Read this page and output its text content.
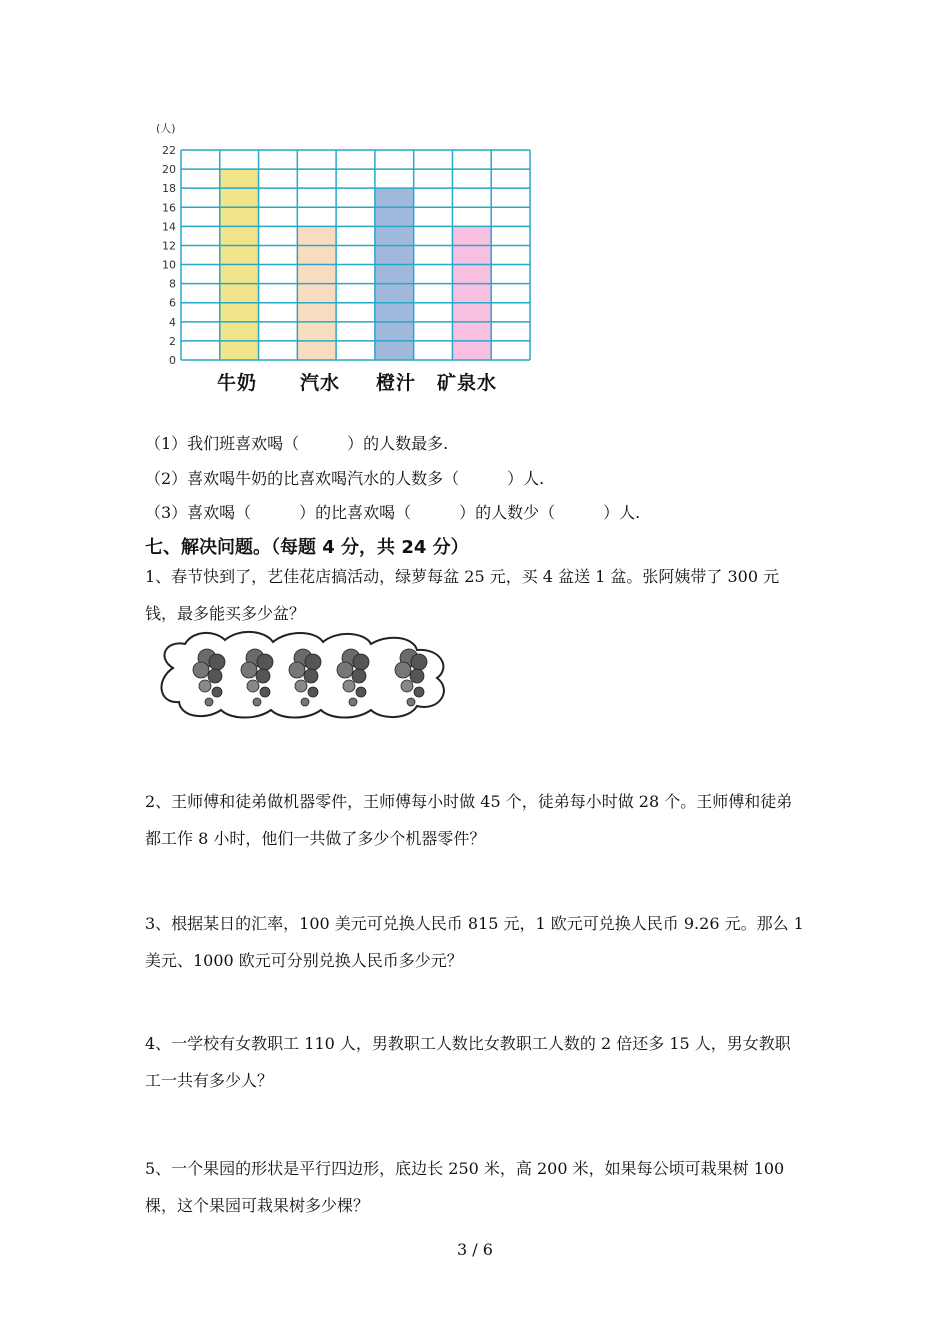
0
2
4
6
8
10
12
14
16
18
20
22
(人)
牛奶 汽水 橙汁 矿泉水
（1）我们班喜欢喝（　　　）的人数最多.
（2）喜欢喝牛奶的比喜欢喝汽水的人数多（　　　）人.
（3）喜欢喝（　　　）的比喜欢喝（　　　）的人数少（　　　）人.
七、解决问题。（每题 4 分，共 24 分）
1、春节快到了，艺佳花店搞活动，绿萝每盆 25 元，买 4 盆送 1 盆。张阿姨带了 300 元钱，最多能买多少盆？
2、王师傅和徒弟做机器零件，王师傅每小时做 45 个，徒弟每小时做 28 个。王师傅和徒弟都工作 8 小时，他们一共做了多少个机器零件？
3、根据某日的汇率，100 美元可兑换人民币 815 元，1 欧元可兑换人民币 9.26 元。那么 1 美元、1000 欧元可分别兑换人民币多少元？
4、一学校有女教职工 110 人，男教职工人数比女教职工人数的 2 倍还多 15 人，男女教职工一共有多少人？
5、一个果园的形状是平行四边形，底边长 250 米，高 200 米，如果每公顷可栽果树 100 棵，这个果园可栽果树多少棵？
3 / 6
